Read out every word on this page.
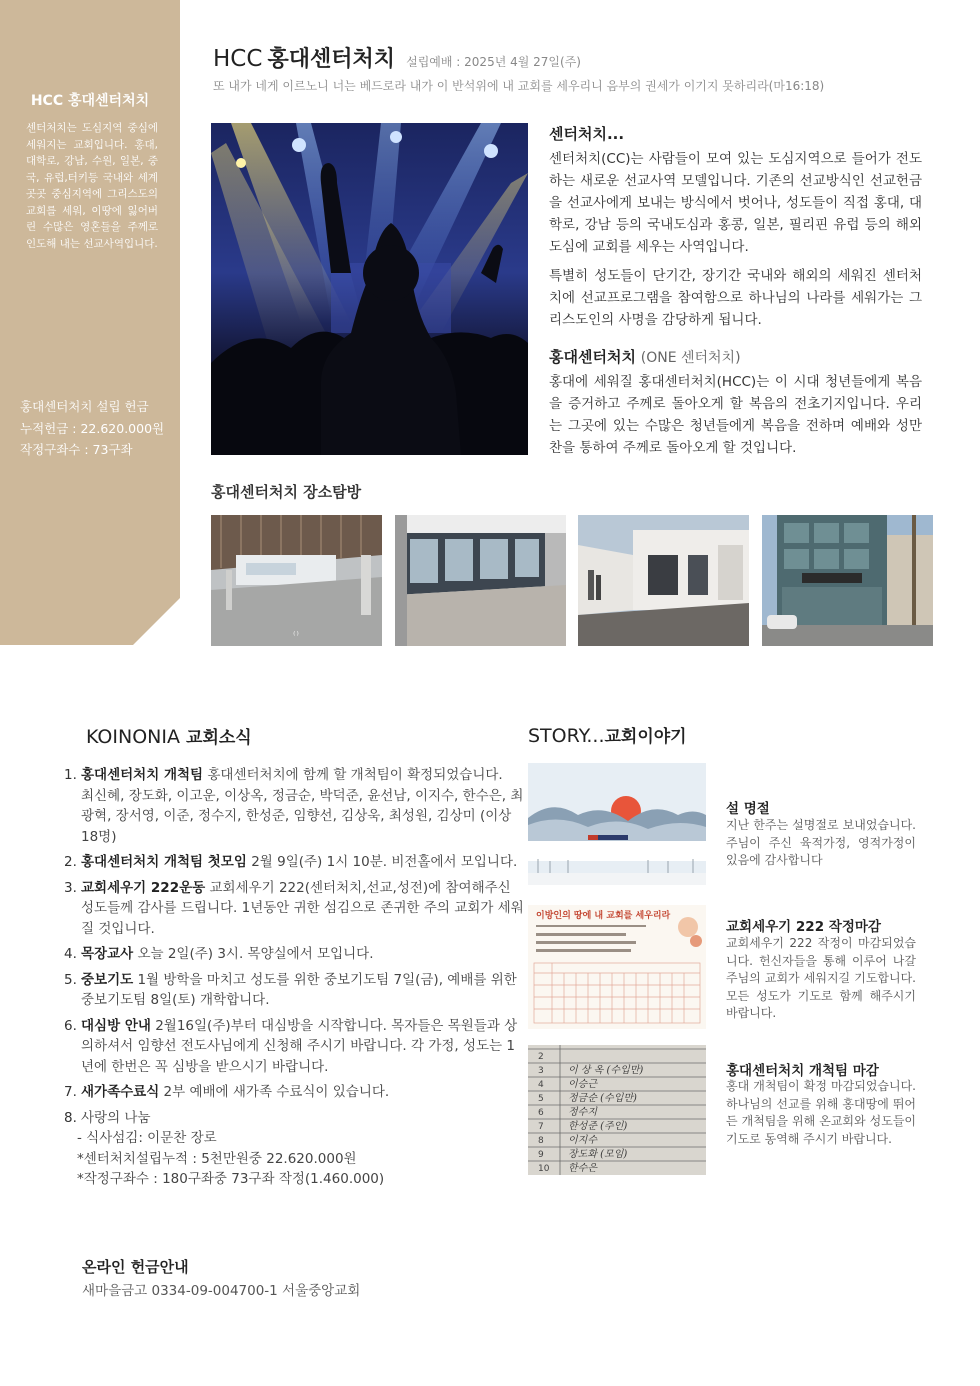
HCC 홍대센터처치
센터처치는 도심지역 중심에 세워지는 교회입니다. 홍대, 대학로, 강남, 수원, 일본, 중국, 유럽,터키등 국내와 세계 곳곳 중심지역에 그리스도의 교회를 세워, 이땅에 잃어버린 수많은 영혼들을 주께로 인도해 내는 선교사역입니다.
홍대센터처치 설립 헌금
누적헌금 : 22.620.000원
작정구좌수 : 73구좌
HCC 홍대센터처치 설립예배 : 2025년 4월 27일(주)
또 내가 네게 이르노니 너는 베드로라 내가 이 반석위에 내 교회를 세우리니 음부의 권세가 이기지 못하리라(마16:18)
센터처치...
센터처치(CC)는 사람들이 모여 있는 도심지역으로 들어가 전도하는 새로운 선교사역 모델입니다. 기존의 선교방식인 선교헌금을 선교사에게 보내는 방식에서 벗어나, 성도들이 직접 홍대, 대학로, 강남 등의 국내도심과 홍콩, 일본, 필리핀 유럽 등의 해외도심에 교회를 세우는 사역입니다.
특별히 성도들이 단기간, 장기간 국내와 해외의 세워진 센터처치에 선교프로그램을 참여함으로 하나님의 나라를 세워가는 그리스도인의 사명을 감당하게 됩니다.
홍대센터처치 (ONE 센터처치)
홍대에 세워질 홍대센터처치(HCC)는 이 시대 청년들에게 복음을 증거하고 주께로 돌아오게 할 복음의 전초기지입니다. 우리는 그곳에 있는 수많은 청년들에게 복음을 전하며 예배와 성만찬을 통하여 주께로 돌아오게 할 것입니다.
홍대센터처치 장소탐방
( )
KOINONIA 교회소식
1. 홍대센터처치 개척팀 홍대센터처치에 함께 할 개척팀이 확정되었습니다.
최신혜, 장도화, 이고운, 이상옥, 정금순, 박덕준, 윤선남, 이지수, 한수은, 최광혁, 장서영, 이준, 정수지, 한성준, 임향선, 김상욱, 최성원, 김상미 (이상 18명)
2. 홍대센터처치 개척팀 첫모임 2월 9일(주) 1시 10분. 비전홀에서 모입니다.
3. 교회세우기 222운동 교회세우기 222(센터처치,선교,성전)에 참여해주신 성도들께 감사를 드립니다. 1년동안 귀한 섬김으로 존귀한 주의 교회가 세워질 것입니다.
4. 목장교사 오늘 2일(주) 3시. 목양실에서 모입니다.
5. 중보기도 1월 방학을 마치고 성도를 위한 중보기도팀 7일(금), 예배를 위한 중보기도팀 8일(토) 개학합니다.
6. 대심방 안내 2월16일(주)부터 대심방을 시작합니다. 목자들은 목원들과 상의하셔서 임향선 전도사님에게 신청해 주시기 바랍니다. 각 가정, 성도는 1년에 한번은 꼭 심방을 받으시기 바랍니다.
7. 새가족수료식 2부 예배에 새가족 수료식이 있습니다.
8. 사랑의 나눔
- 식사섬김: 이문찬 장로
*센터처치설립누적 : 5천만원중 22.620.000원
*작정구좌수 : 180구좌중 73구좌 작정(1.460.000)
온라인 헌금안내
새마을금고 0334-09-004700-1 서울중앙교회
STORY...교회이야기
이방인의 땅에 내 교회를 세우리라
2
3
4
5
6
7
8
9
10
이 상 옥 (수입만)
이승근
정금순 (수입만)
정수지
한성준 (주인)
이지수
장도화 (모임)
한수은
설 명절
지난 한주는 설명절로 보내었습니다. 주님이 주신 육적가정, 영적가정이 있음에 감사합니다
교회세우기 222 작정마감
교회세우기 222 작정이 마감되었습니다. 헌신자들을 통해 이루어 나갈 주님의 교회가 세워지길 기도합니다. 모든 성도가 기도로 함께 해주시기 바랍니다.
홍대센터처치 개척팀 마감
홍대 개척팀이 확정 마감되었습니다. 하나님의 선교를 위해 홍대땅에 뛰어든 개척팀을 위해 온교회와 성도들이 기도로 동역해 주시기 바랍니다.
